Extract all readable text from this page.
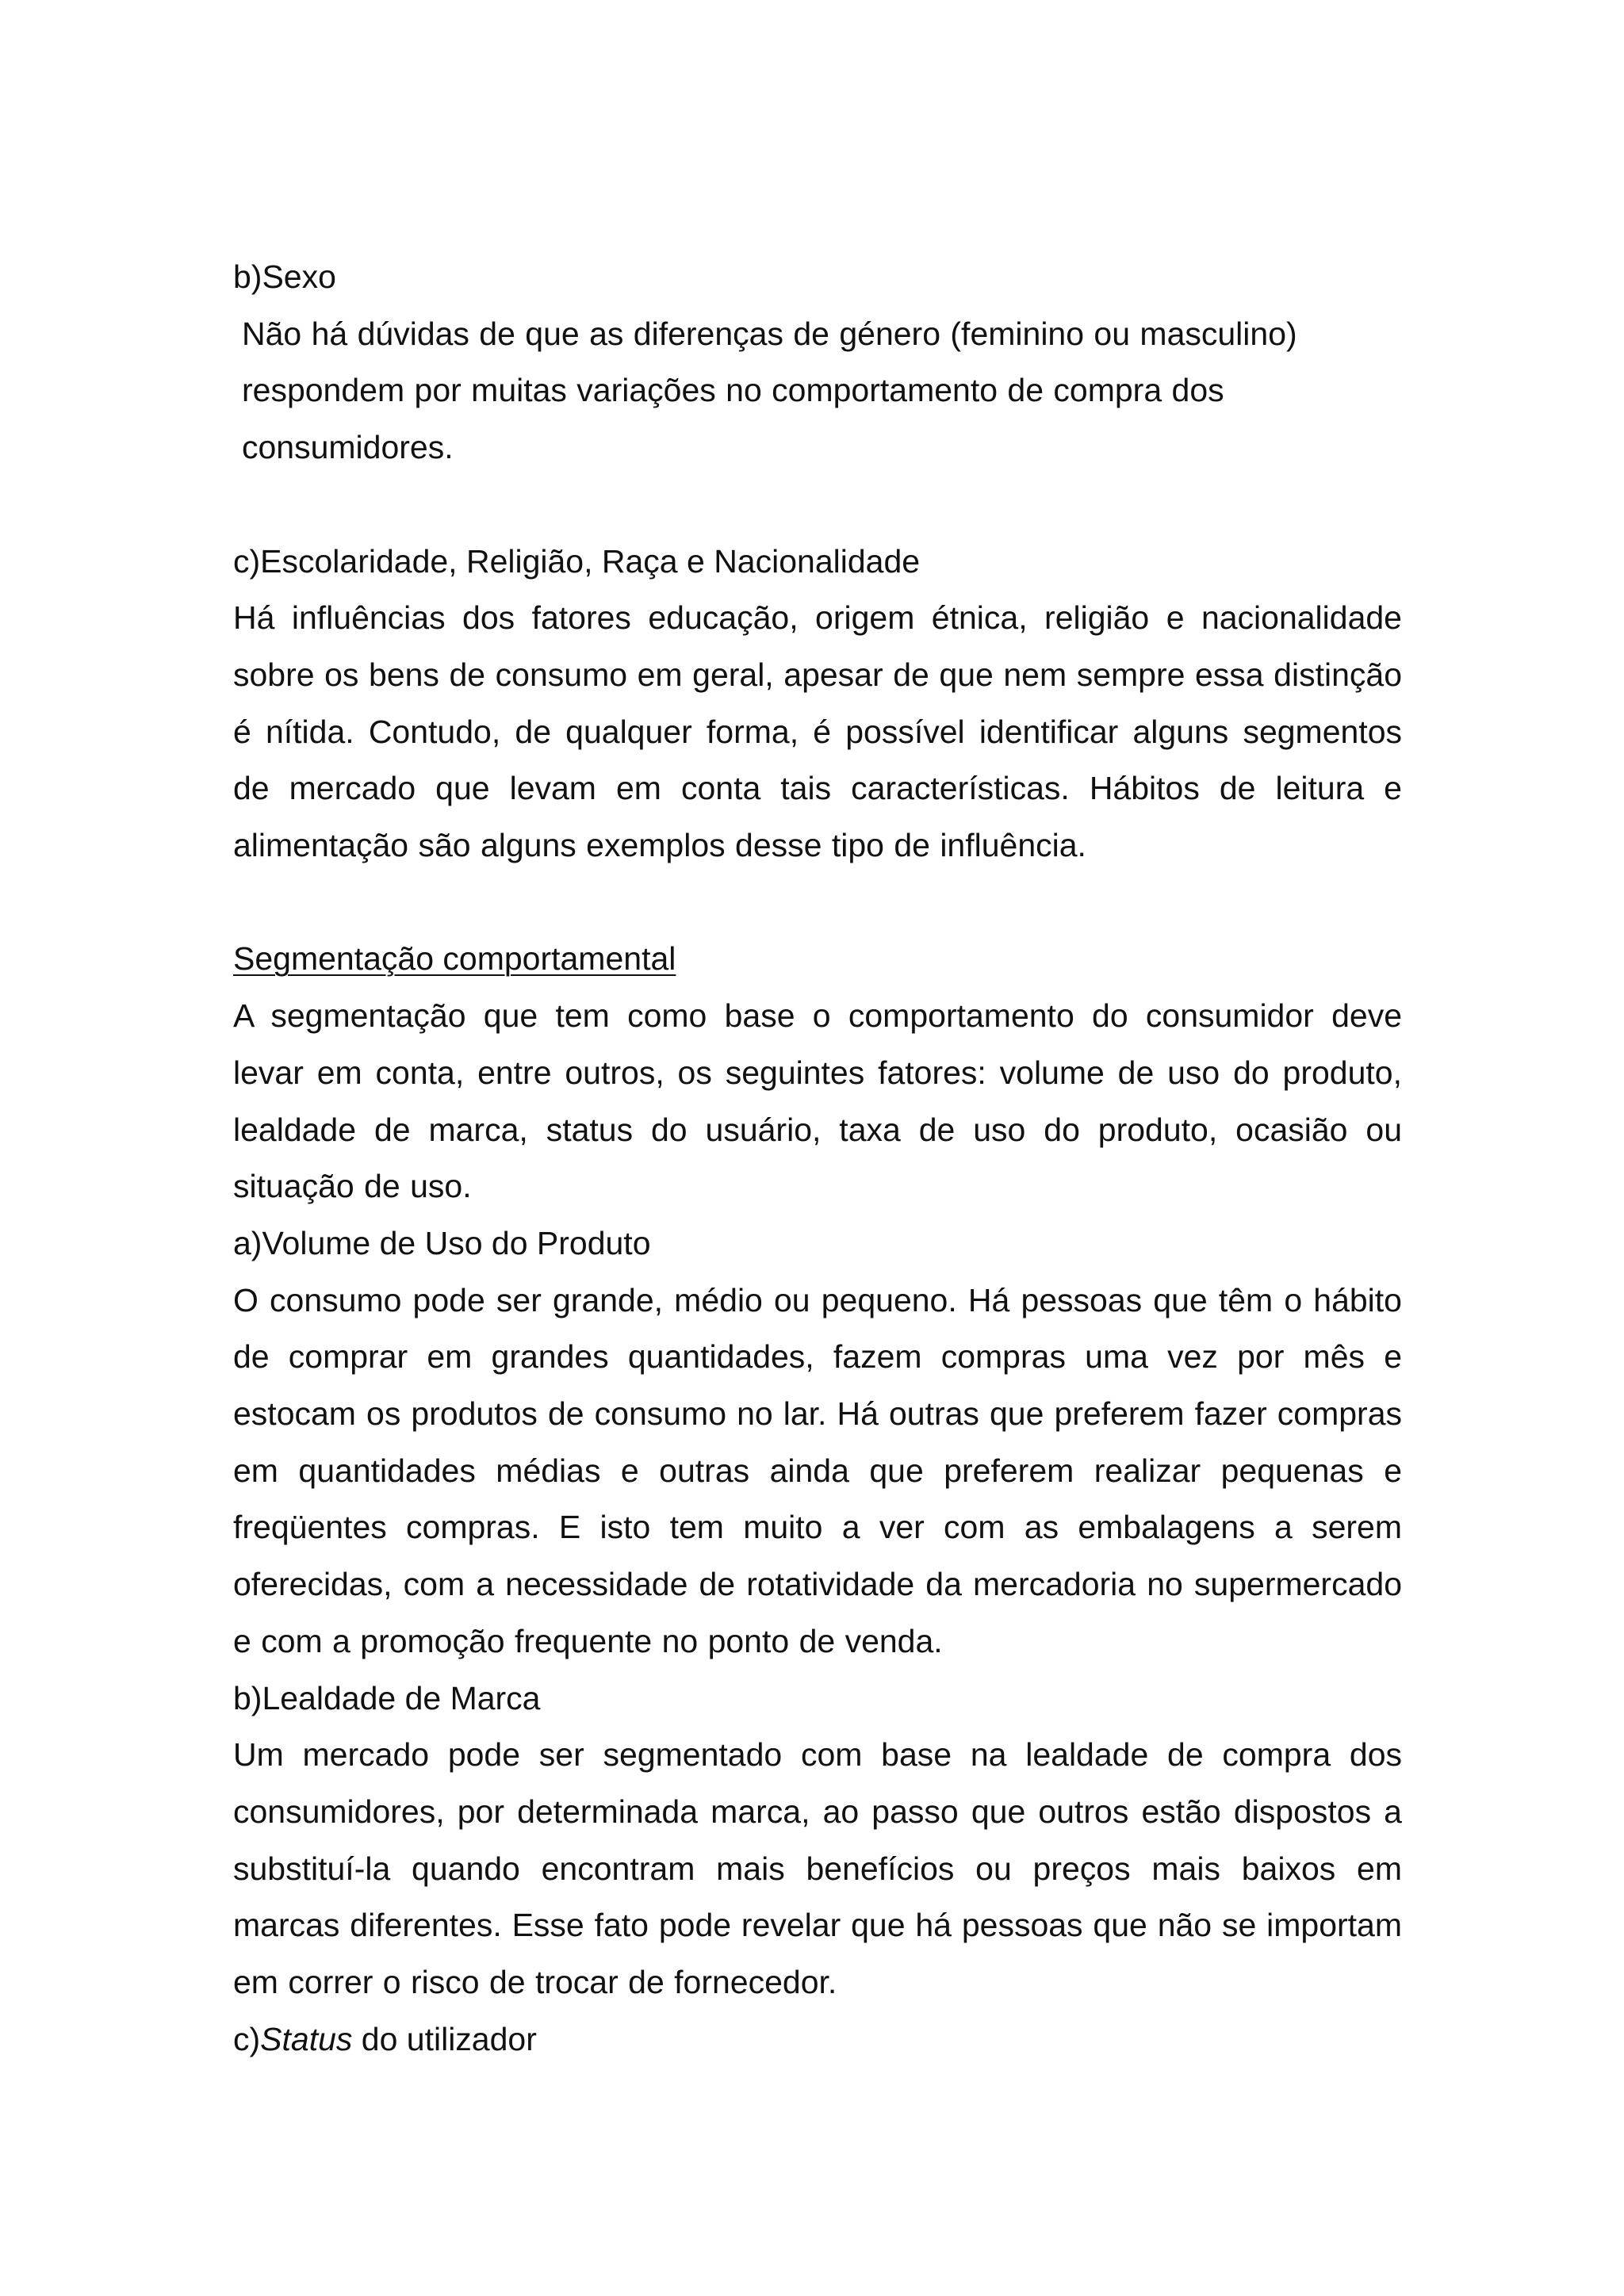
b)Sexo

Não há dúvidas de que as diferenças de género (feminino ou masculino) respondem por muitas variações no comportamento de compra dos consumidores.

c)Escolaridade, Religião, Raça e Nacionalidade

Há influências dos fatores educação, origem étnica, religião e nacionalidade sobre os bens de consumo em geral, apesar de que nem sempre essa distinção é nítida. Contudo, de qualquer forma, é possível identificar alguns segmentos de mercado que levam em conta tais características. Hábitos de leitura e alimentação são alguns exemplos desse tipo de influência.

Segmentação comportamental

A segmentação que tem como base o comportamento do consumidor deve levar em conta, entre outros, os seguintes fatores: volume de uso do produto, lealdade de marca, status do usuário, taxa de uso do produto, ocasião ou situação de uso.

a)Volume de Uso do Produto

O consumo pode ser grande, médio ou pequeno. Há pessoas que têm o hábito de comprar em grandes quantidades, fazem compras uma vez por mês e estocam os produtos de consumo no lar. Há outras que preferem fazer compras em quantidades médias e outras ainda que preferem realizar pequenas e freqüentes compras. E isto tem muito a ver com as embalagens a serem oferecidas, com a necessidade de rotatividade da mercadoria no supermercado e com a promoção frequente no ponto de venda.

b)Lealdade de Marca

Um mercado pode ser segmentado com base na lealdade de compra dos consumidores, por determinada marca, ao passo que outros estão dispostos a substituí-la quando encontram mais benefícios ou preços mais baixos em marcas diferentes. Esse fato pode revelar que há pessoas que não se importam em correr o risco de trocar de fornecedor.

c)Status do utilizador
